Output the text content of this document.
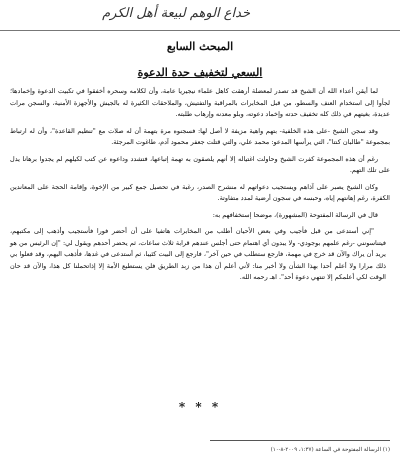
خداع الوهم لبيعة أهل الكرم
المبحث السابع
السعي لتخفيف حدة الدعوة

لما أيقن أعداء الله أن الشيخ قد تصدر لمعضلة أرهقت كاهل علماء نيجيريا عامة، وأن لكلامه وسحره أخفقوا في تكبيت الدعوة وإخمادها؛ لجأوا إلى استخدام العنف والسطو، من قبل المخابرات بالمراقبة والتفتيش، والملاحقات الكثيرة له بالجيش والأجهزة الأمنية، والسجن مرات عديدة، بغيتهم في ذلك كله تخفيف حدته وإخماد دعوته، وبلو معدنه وإرهاب طلبته.

وقد سجن الشيخ -على هذه الخلفية- بتهم واهية مزيفة لا أصل لها: فسجنوه مرة بتهمة أن له صلات مع "تنظيم القاعدة"، وأن له ارتباط بمجموعة "طالبان كنتا"، التي يرأسها المدعو: محمد علي، والتي قتلت جعفر محمود آدم، طاغوت المرجئة.

رغم أن هذه المجموعة كفرت الشيخ وحاولت اغتياله إلا أنهم يلصقون به تهمة إتباعها، فتشدد وداعوه عن كتب لكيلهم لم يجدوا برهانا يدل على تلك التهم.

وكان الشيخ يصبر على آذاهم ويستجيب دعواتهم له منشرح الصدر، رغبة في تحصيل جمع كبير من الإخوة، وإقامة الحجة على المعاندين الكفرة، رغم إهانتهم إياه، وحبسه في سجون أرضية لمدد متفاوتة.

قال في الرسالة المفتوحة (المشهورة)، موضحا إستخفافهم به:

"إني أستدعى من قبل فأجيب وفي بعض الأحيان أطلب من المخابرات هاتفيا على أن أحضر فورا فأستجيب وأذهب إلى مكتبهم، فيتناسونني -رغم علمهم بوجودي- ولا يبدون أي اهتمام حتى أجلس عندهم قرابة ثلاث ساعات، ثم يحضر أحدهم ويقول لي: "إن الرئيس من هو يريد أن يراك والآن قد خرج في مهمة، فارجع ستطلب في حين آخر"، فارجع إلى البيت كئيبا، ثم أستدعى في غدها، فأذهب اليهم، وقد فعلوا بي ذلك مرارا ولا أعلم أحدا بهذا الشأن ولا أخبر منا: لأني أعلم أن هذا من زبد الطريق فلن يستطيع الأمة إلا إذاتحملنا كل هذا، والآن قد حان الوقت لكي أعلمكم إلا تنتهي دعوة أحد". اهـ رحمه الله.

* * *
(١) الرسالة المفتوحة في الساعة (١:٣٧، ٢٠٠٩-٨-١٠)
